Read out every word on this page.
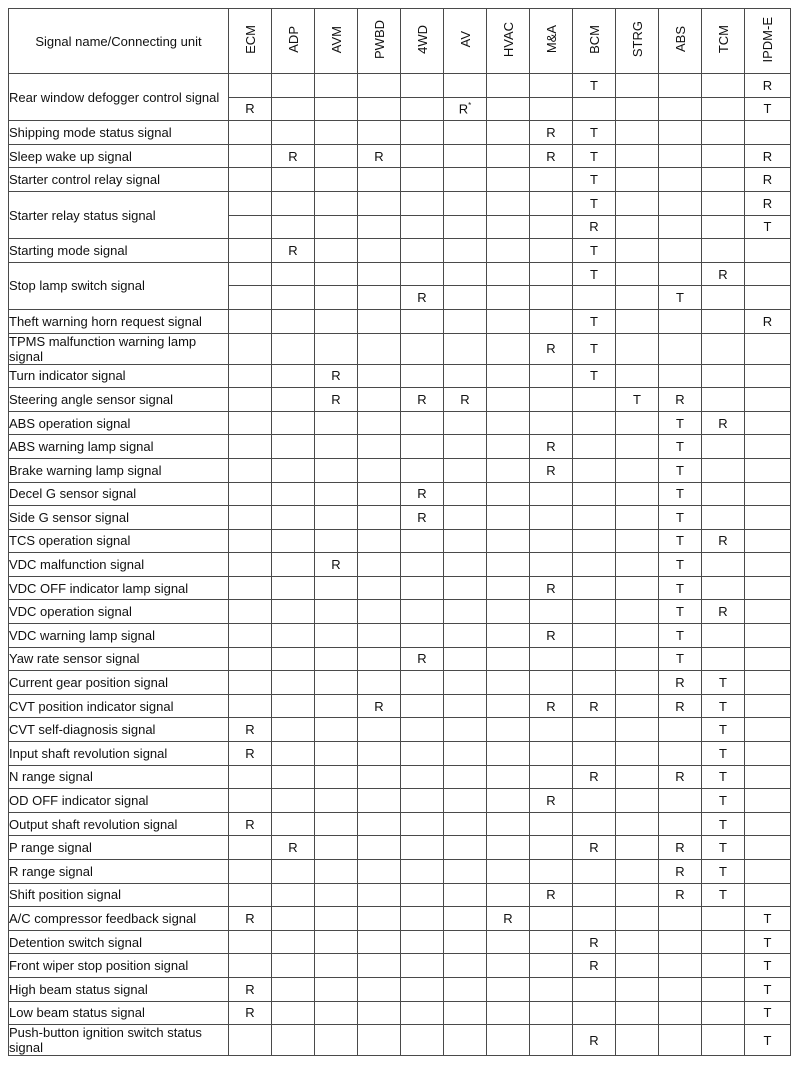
Signal name/Connecting unit	ECM	ADP	AVM	PWBD	4WD	AV	HVAC	M&A	BCM	STRG	ABS	TCM	IPDM-E
Rear window defogger control signal									T				R
	R					R*							T
Shipping mode status signal								R	T				
Sleep wake up signal		R		R				R	T				R
Starter control relay signal									T				R
Starter relay status signal									T				R
									R				T
Starting mode signal		R							T				
Stop lamp switch signal									T			R	
					R						T		
Theft warning horn request signal									T				R
TPMS malfunction warning lamp signal								R	T				
Turn indicator signal			R						T				
Steering angle sensor signal			R		R	R				T	R		
ABS operation signal											T	R	
ABS warning lamp signal								R			T		
Brake warning lamp signal								R			T		
Decel G sensor signal					R						T		
Side G sensor signal					R						T		
TCS operation signal											T	R	
VDC malfunction signal			R								T		
VDC OFF indicator lamp signal								R			T		
VDC operation signal											T	R	
VDC warning lamp signal								R			T		
Yaw rate sensor signal					R						T		
Current gear position signal											R	T	
CVT position indicator signal				R				R	R		R	T	
CVT self-diagnosis signal	R											T	
Input shaft revolution signal	R											T	
N range signal									R		R	T	
OD OFF indicator signal								R				T	
Output shaft revolution signal	R											T	
P range signal		R							R		R	T	
R range signal											R	T	
Shift position signal								R			R	T	
A/C compressor feedback signal	R						R						T
Detention switch signal									R				T
Front wiper stop position signal									R				T
High beam status signal	R												T
Low beam status signal	R												T
Push-button ignition switch status signal									R				T
